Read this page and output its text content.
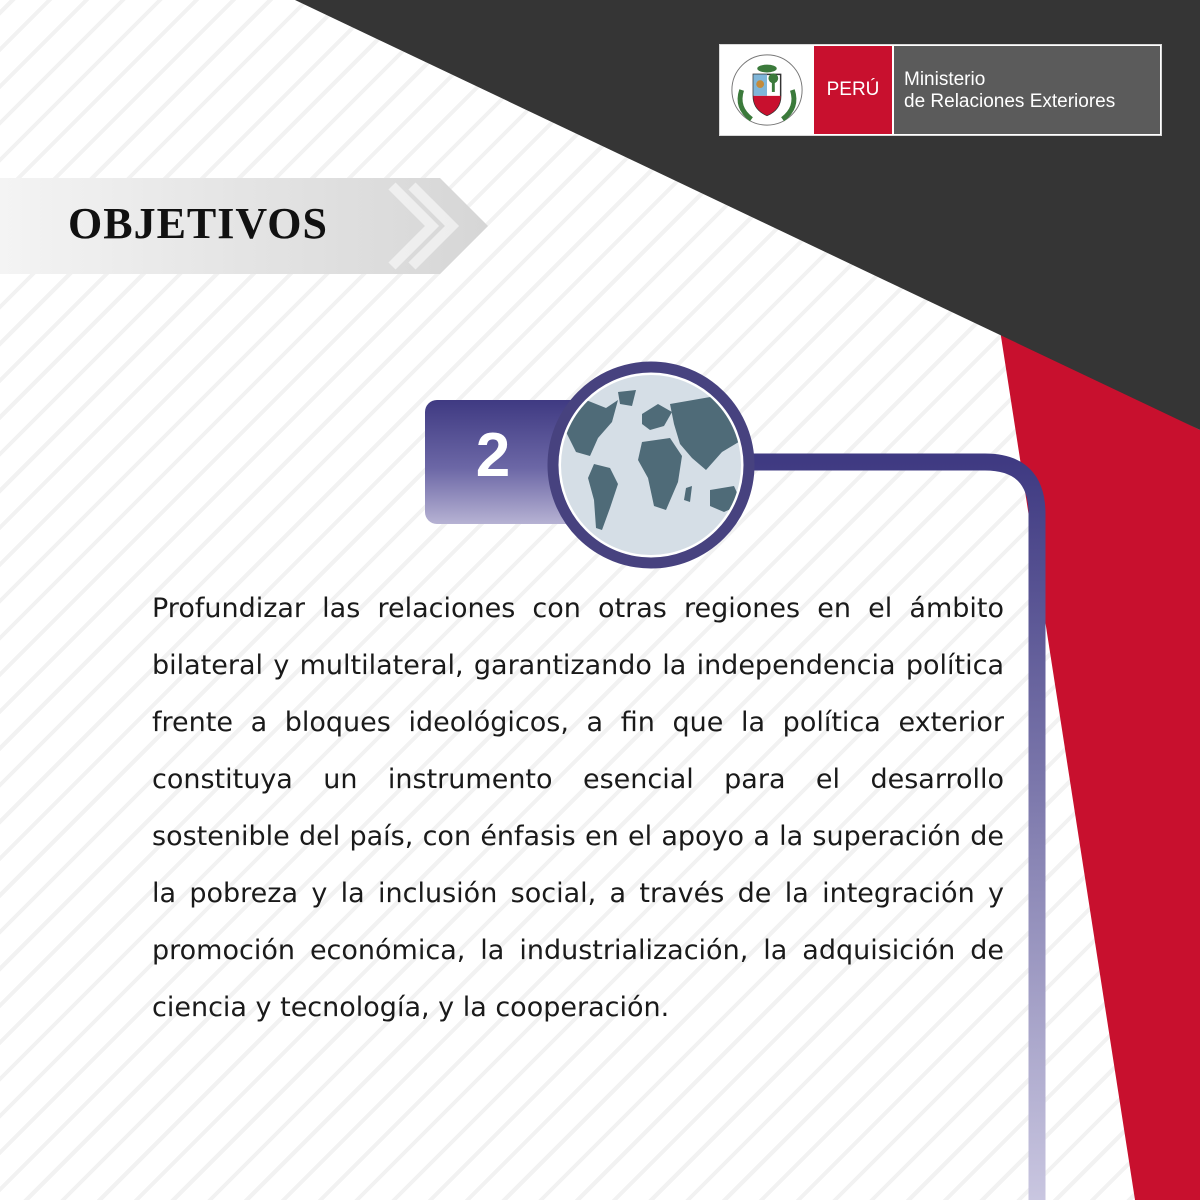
PERÚ	Ministerio
de Relaciones Exteriores
OBJETIVOS
2

Profundizar las relaciones con otras regiones en el ámbito bilateral y multilateral, garantizando la independencia política frente a bloques ideológicos, a fin que la política exterior constituya un instrumento esencial para el desarrollo sostenible del país, con énfasis en el apoyo a la superación de la pobreza y la inclusión social, a través de la integración y promoción económica, la industrialización, la adquisición de ciencia y tecnología, y la cooperación.
